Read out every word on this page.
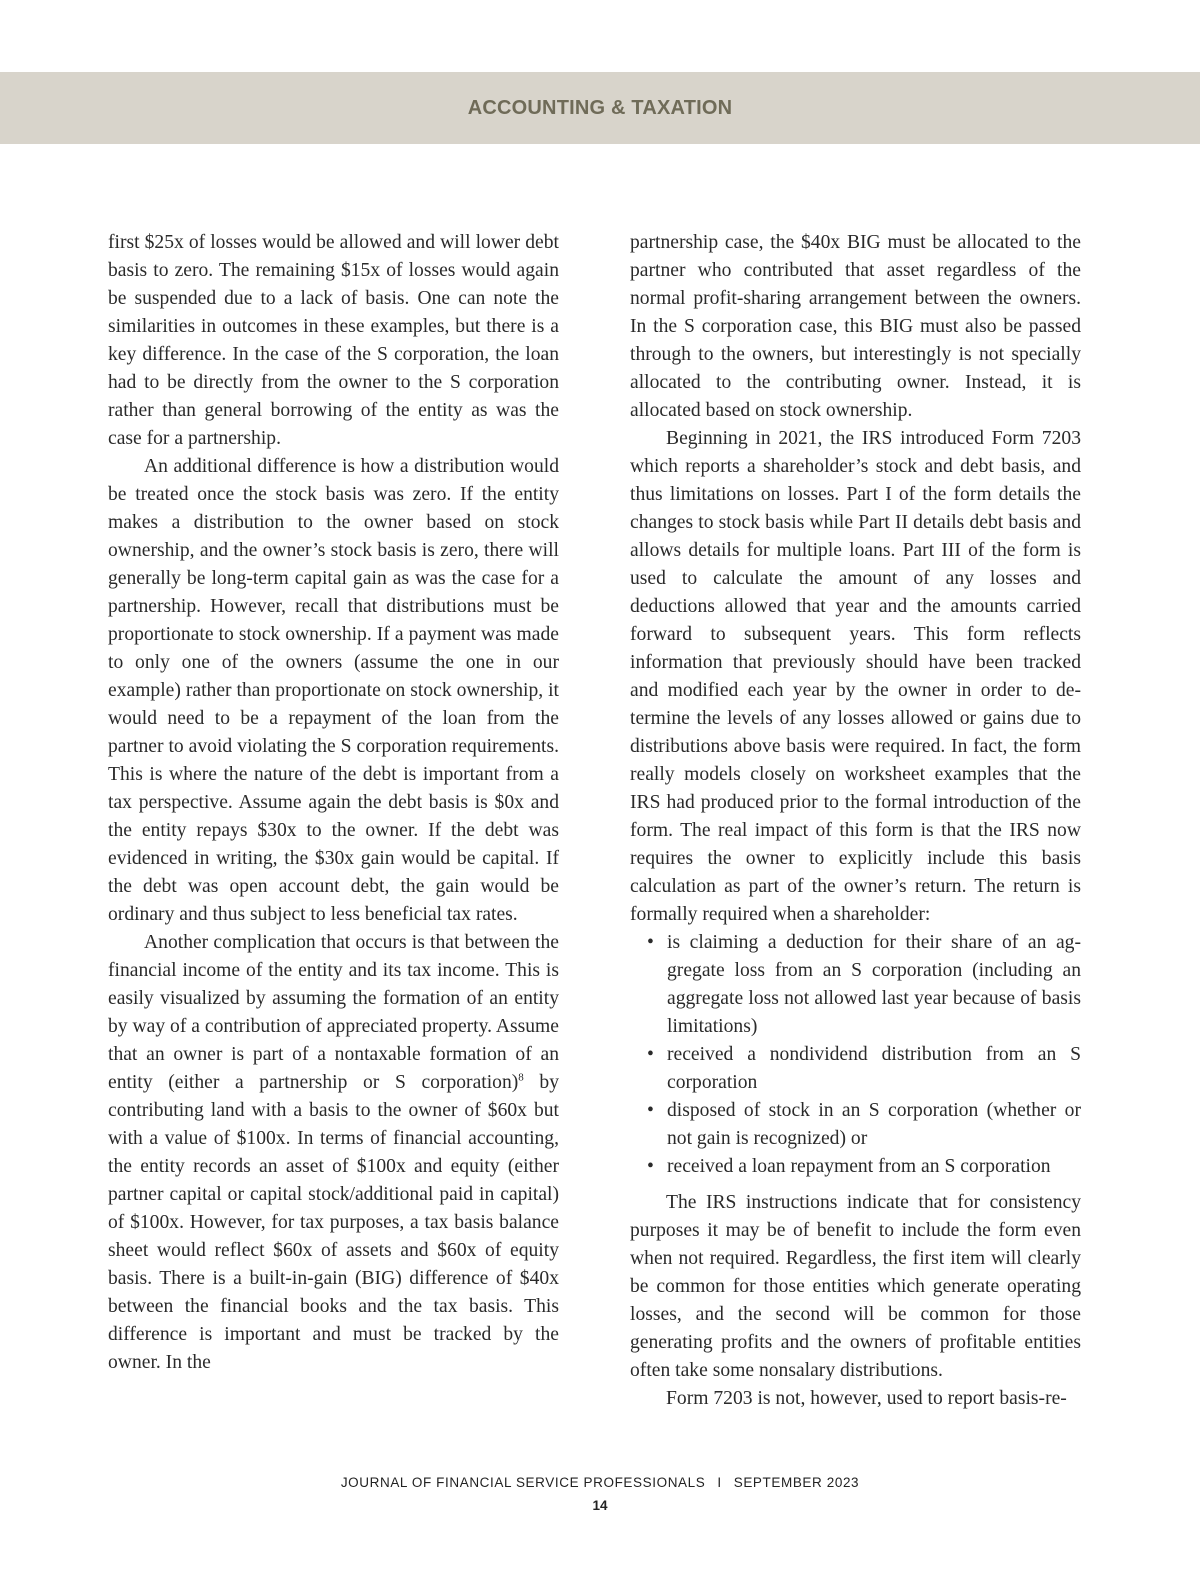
ACCOUNTING & TAXATION

first $25x of losses would be allowed and will lower debt basis to zero. The remaining $15x of losses would again be suspended due to a lack of basis. One can note the similarities in outcomes in these examples, but there is a key difference. In the case of the S corporation, the loan had to be directly from the owner to the S corporation rather than general borrowing of the entity as was the case for a partnership.

An additional difference is how a distribution would be treated once the stock basis was zero. If the entity makes a distribution to the owner based on stock ownership, and the owner’s stock basis is zero, there will generally be long-term capital gain as was the case for a partnership. However, recall that distributions must be proportionate to stock ownership. If a payment was made to only one of the owners (assume the one in our example) rather than proportionate on stock ownership, it would need to be a repayment of the loan from the partner to avoid violating the S corporation requirements. This is where the nature of the debt is important from a tax perspective. Assume again the debt basis is $0x and the entity repays $30x to the owner. If the debt was evidenced in writing, the $30x gain would be capital. If the debt was open account debt, the gain would be ordinary and thus subject to less beneficial tax rates.

Another complication that occurs is that between the financial income of the entity and its tax income. This is easily visualized by assuming the formation of an entity by way of a contribution of appreciated property. Assume that an owner is part of a nontaxable formation of an entity (either a partnership or S corporation)$^8$ by contributing land with a basis to the owner of $60x but with a value of $100x. In terms of financial accounting, the entity records an asset of $100x and equity (either partner capital or capital stock/additional paid in capital) of $100x. However, for tax purposes, a tax basis balance sheet would reflect $60x of assets and $60x of equity basis. There is a built-in-gain (BIG) difference of $40x between the financial books and the tax basis. This difference is important and must be tracked by the owner. In the

partnership case, the $40x BIG must be allocated to the partner who contributed that asset regardless of the normal profit-sharing arrangement between the owners. In the S corporation case, this BIG must also be passed through to the owners, but interestingly is not specially allocated to the contributing owner. Instead, it is allocated based on stock ownership.

Beginning in 2021, the IRS introduced Form 7203 which reports a shareholder’s stock and debt basis, and thus limitations on losses. Part I of the form details the changes to stock basis while Part II details debt basis and allows details for multiple loans. Part III of the form is used to calculate the amount of any losses and deductions allowed that year and the amounts carried forward to subsequent years. This form reflects information that previously should have been tracked and modified each year by the owner in order to determine the levels of any losses allowed or gains due to distributions above basis were required. In fact, the form really models closely on worksheet examples that the IRS had produced prior to the formal introduction of the form. The real impact of this form is that the IRS now requires the owner to explicitly include this basis calculation as part of the owner’s return. The return is formally required when a shareholder:

• is claiming a deduction for their share of an aggregate loss from an S corporation (including an aggregate loss not allowed last year because of basis limitations)
• received a nondividend distribution from an S corporation
• disposed of stock in an S corporation (whether or not gain is recognized) or
• received a loan repayment from an S corporation

The IRS instructions indicate that for consistency purposes it may be of benefit to include the form even when not required. Regardless, the first item will clearly be common for those entities which generate operating losses, and the second will be common for those generating profits and the owners of profitable entities often take some nonsalary distributions.

Form 7203 is not, however, used to report basis-re-

JOURNAL OF FINANCIAL SERVICE PROFESSIONALS I SEPTEMBER 2023
14
